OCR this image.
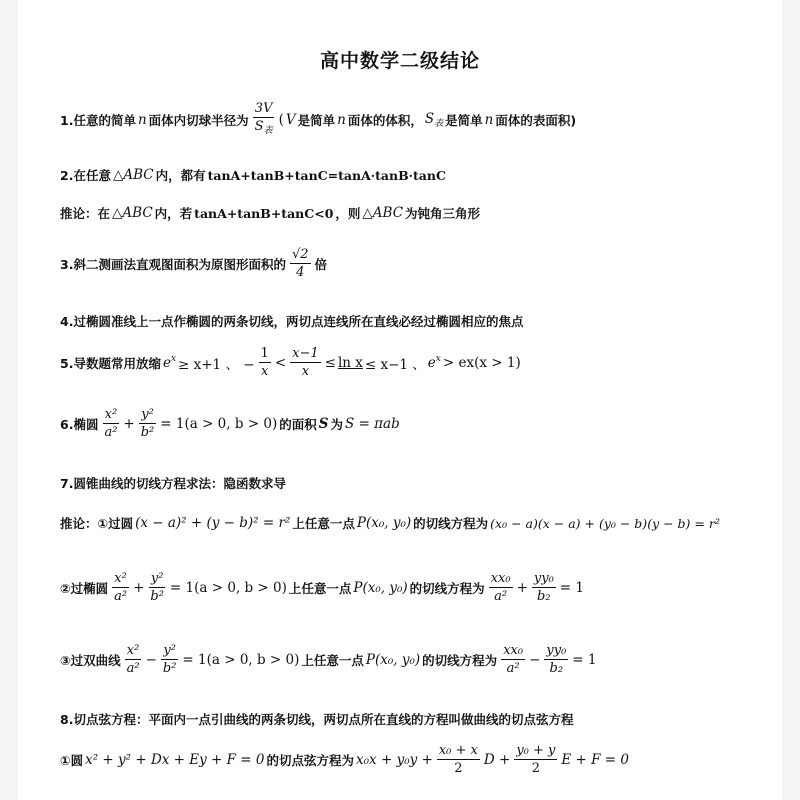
高中数学二级结论
1.任意的简单 n 面体内切球半径为 $\frac{3V}{S_表}$ ( V 是简单 n 面体的体积， $S_表$ 是简单 n 面体的表面积)
2.在任意 △ABC 内，都有 tanA+tanB+tanC=tanA·tanB·tanC
推论：在 △ABC 内，若 tanA+tanB+tanC<0 ，则 △ABC 为钝角三角形
3.斜二测画法直观图面积为原图形面积的 $\frac{√2}{4}$ 倍
4.过椭圆准线上一点作椭圆的两条切线，两切点连线所在直线必经过椭圆相应的焦点
5.导数题常用放缩 $e^x \ge x+1$ 、 − $\frac{1}{x} < \frac{x-1}{x} \le \ln x \le x-1$ 、 $e^x > ex(x > 1)$
6.椭圆 $\frac{\text{x²}}{\text{a²}} + \frac{\text{y²}}{\text{b²}} = 1(a > 0$, b > 0) 的面积 S 为 S = πab
7.圆锥曲线的切线方程求法：隐函数求导
推论：①过圆 (x − a)² + (y − b)² = r² 上任意一点 P(x₀, y₀) 的切线方程为 (x₀ − a)(x − a) + (y₀ − b)(y − b) = r²
②过椭圆 $\frac{\text{x²}}{\text{a²}} + \frac{\text{y²}}{\text{b²}} = 1(a > 0$, b > 0) 上任意一点 P(x₀, y₀) 的切线方程为 $\frac{\text{xx₀}}{\text{a²}} + \frac{\text{yy₀}}{\text{b₂}} = 1$
③过双曲线 $\frac{\text{x²}}{\text{a²}} - \frac{\text{y²}}{\text{b²}} = 1(a > 0$, b > 0) 上任意一点 P(x₀, y₀) 的切线方程为 $\frac{\text{xx₀}}{\text{a²}} - \frac{\text{yy₀}}{\text{b₂}} = 1$
8.切点弦方程：平面内一点引曲线的两条切线，两切点所在直线的方程叫做曲线的切点弦方程
①圆 x² + y² + Dx + Ey + F = 0 的切点弦方程为 $x_0x + y_0y + \frac{\text{x₀ + x}}{2}$ $D + \frac{\text{y₀ + y}}{2}$ E + F = 0
